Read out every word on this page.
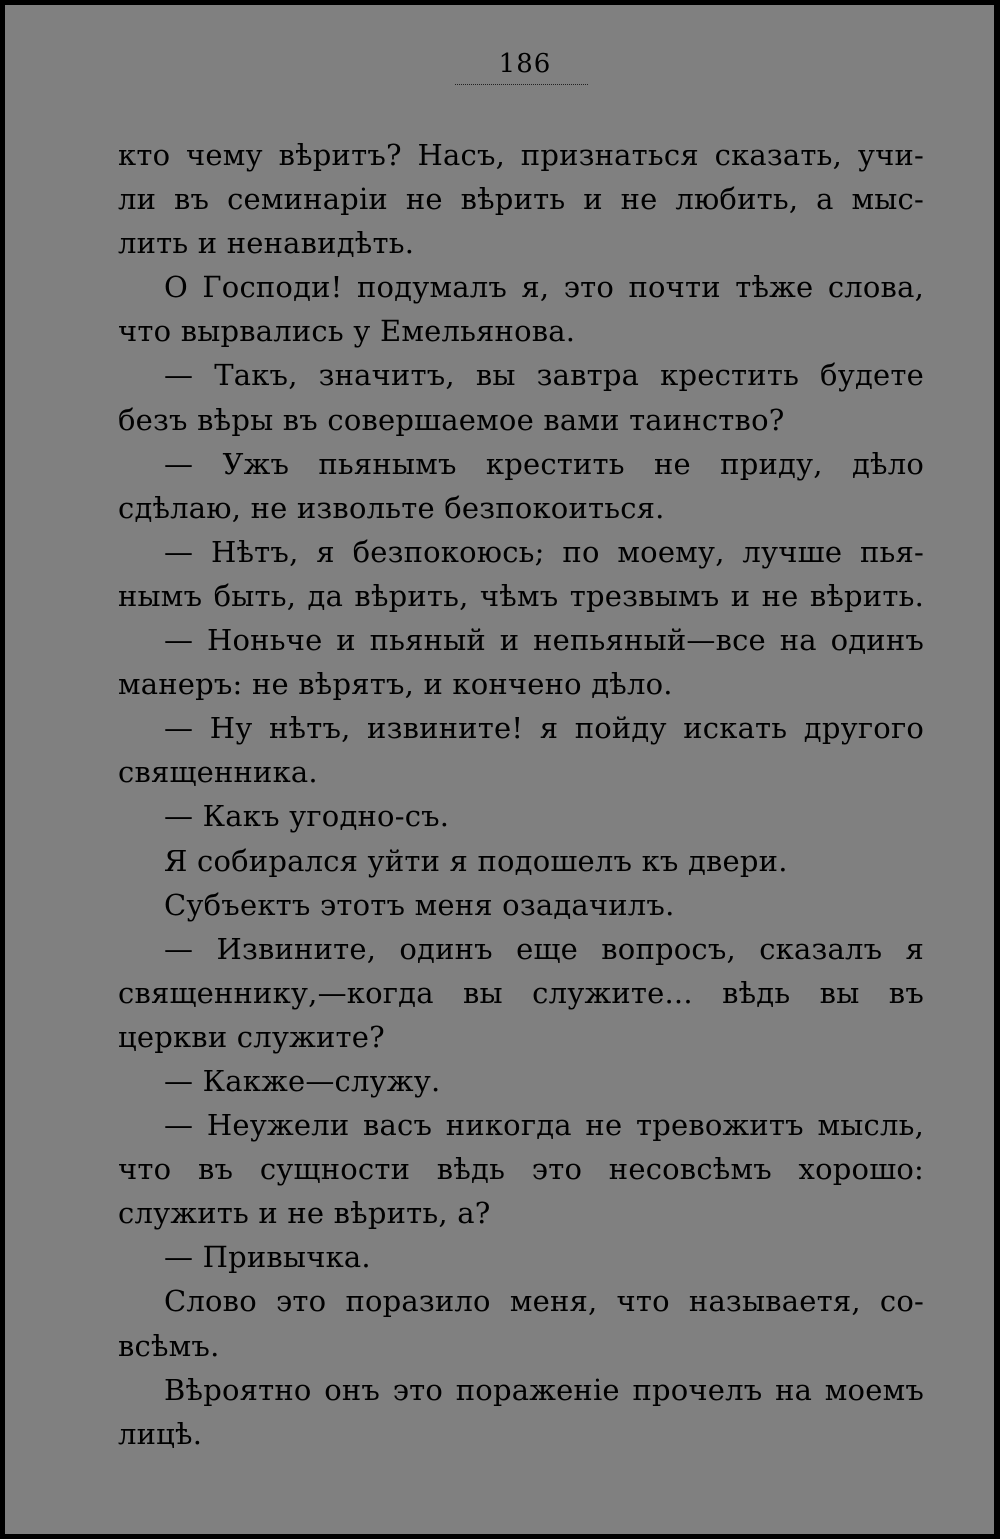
186
кто чему вѣритъ? Насъ, признаться сказать, учи-
ли въ семинаріи не вѣрить и не любить, а мыс-
лить и ненавидѣть.
О Господи! подумалъ я, это почти тѣже слова,
что вырвались у Емельянова.
— Такъ, значитъ, вы завтра крестить будете
безъ вѣры въ совершаемое вами таинство?
— Ужъ пьянымъ крестить не приду, дѣло
сдѣлаю, не извольте безпокоиться.
— Нѣтъ, я безпокоюсь; по моему, лучше пья-
нымъ быть, да вѣрить, чѣмъ трезвымъ и не вѣрить.
— Ноньче и пьяный и непьяный—все на одинъ
манеръ: не вѣрятъ, и кончено дѣло.
— Ну нѣтъ, извините! я пойду искать другого
священника.
— Какъ угодно-съ.
Я собирался уйти я подошелъ къ двери.
Субъектъ этотъ меня озадачилъ.
— Извините, одинъ еще вопросъ, сказалъ я
священнику,—когда вы служите... вѣдь вы въ
церкви служите?
— Какже—служу.
— Неужели васъ никогда не тревожитъ мысль,
что въ сущности вѣдь это несовсѣмъ хорошо:
служить и не вѣрить, а?
— Привычка.
Слово это поразило меня, что называетя, со-
всѣмъ.
Вѣроятно онъ это пораженіе прочелъ на моемъ
лицѣ.
